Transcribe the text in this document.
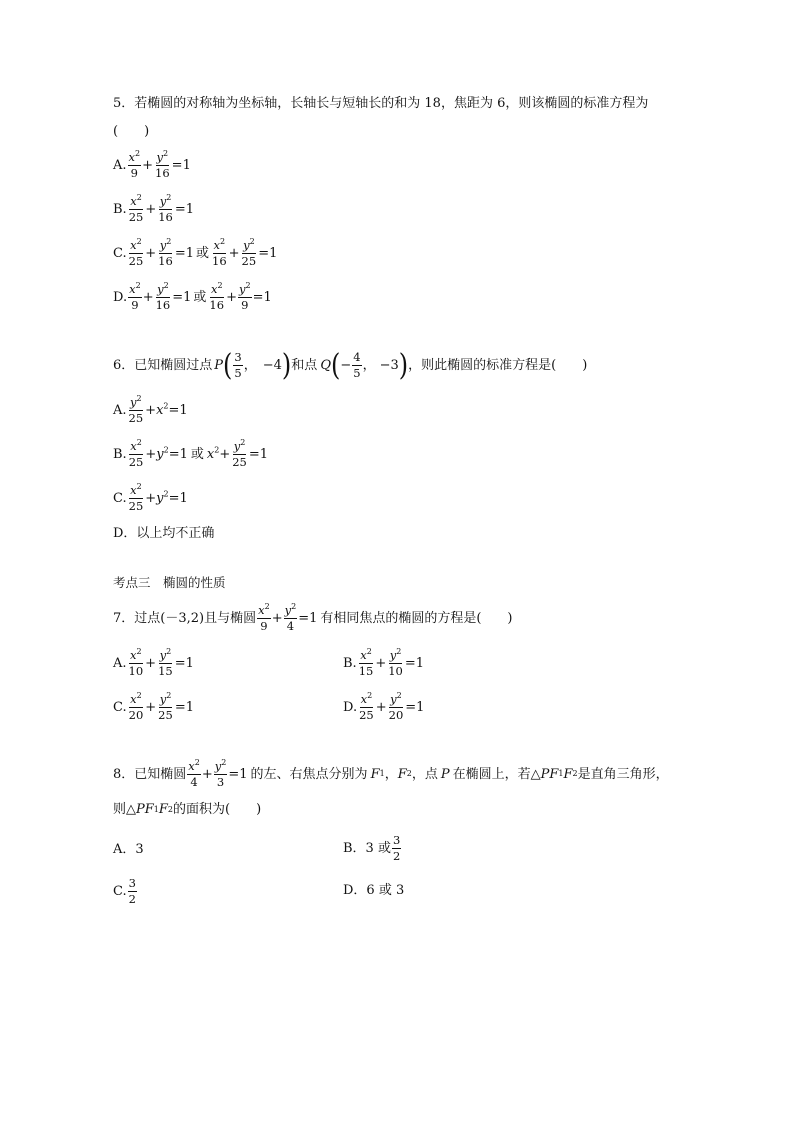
5．若椭圆的对称轴为坐标轴，长轴长与短轴长的和为 18，焦距为 6，则该椭圆的标准方程为
(　　)
A. $\frac{x^2}{9} + \frac{y^2}{16} =1$
B. $\frac{x^2}{25} + \frac{y^2}{16} =1$
C. $\frac{x^2}{25} + \frac{y^2}{16} =1$ 或 $\frac{x^2}{16} + \frac{y^2}{25} =1$
D. $\frac{x^2}{9} + \frac{y^2}{16} =1$ 或 $\frac{x^2}{16} + \frac{y^2}{9} =1$
6．已知椭圆过点 P ( $\frac{3}{5}$ ， −4 ) 和点 Q ( − $\frac{4}{5}$ ， −3 ) ，则此椭圆的标准方程是(　　)
A. $\frac{y^2}{25} +x^2 =1$
B. $\frac{x^2}{25} +y^2 =1$ 或 $x^2+ \frac{y^2}{25} =1$
C. $\frac{x^2}{25} +y^2 =1$
D．以上均不正确
考点三　椭圆的性质
7．过点(－3,2)且与椭圆 $\frac{x^2}{9} + \frac{y^2}{4} =1$ 有相同焦点的椭圆的方程是(　　)
A. $\frac{x^2}{10} + \frac{y^2}{15} =1$	B. $\frac{x^2}{15} + \frac{y^2}{10} =1$
C. $\frac{x^2}{20} + \frac{y^2}{25} =1$	D. $\frac{x^2}{25} + \frac{y^2}{20} =1$
8．已知椭圆 $\frac{x^2}{4} + \frac{y^2}{3} =1$ 的左、右焦点分别为 F 1 ， F 2 ，点 P 在椭圆上，若△ PF 1 F 2 是直角三角形，
则△ PF 1 F 2 的面积为(　　)
A．3	B．3 或 $\frac{3}{2}$
C. $\frac{3}{2}$	D．6 或 3
